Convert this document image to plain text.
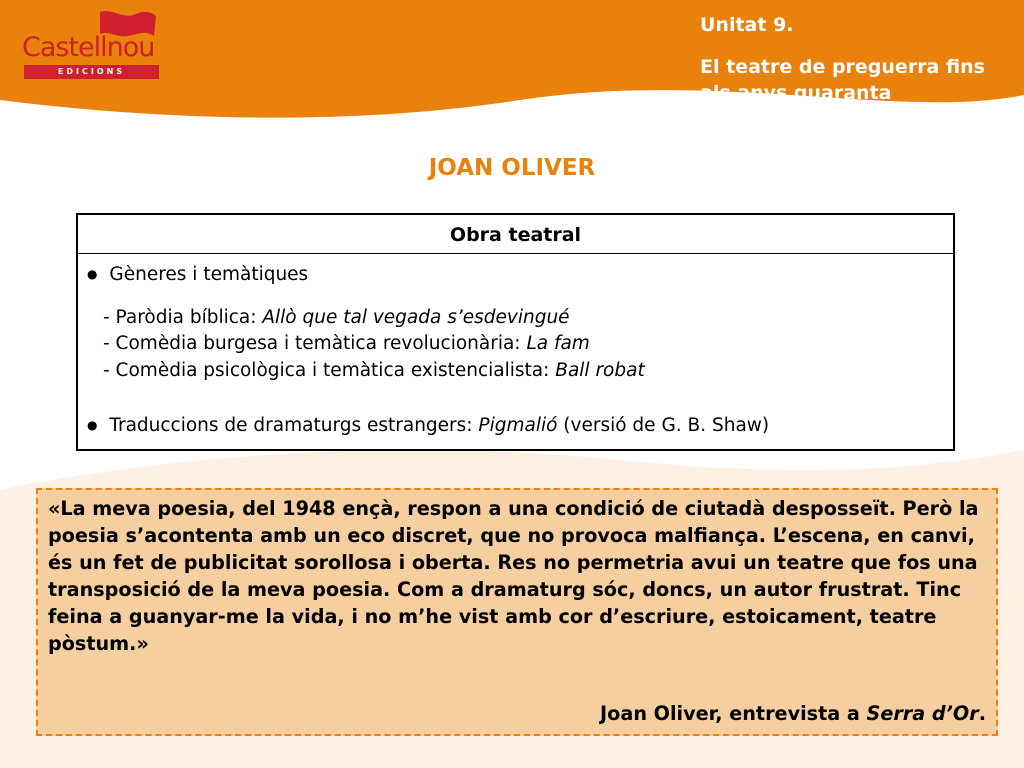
Castellnou
EDICIONS
Unitat 9.
El teatre de preguerra fins als anys quaranta
JOAN OLIVER
Obra teatral
● Gèneres i temàtiques
- Paròdia bíblica: Allò que tal vegada s’esdevingué
- Comèdia burgesa i temàtica revolucionària: La fam
- Comèdia psicològica i temàtica existencialista: Ball robat
● Traduccions de dramaturgs estrangers: Pigmalió (versió de G. B. Shaw)
«La meva poesia, del 1948 ençà, respon a una condició de ciutadà desposseït. Però la poesia s’acontenta amb un eco discret, que no provoca malfiança. L’escena, en canvi, és un fet de publicitat sorollosa i oberta. Res no permetria avui un teatre que fos una transposició de la meva poesia. Com a dramaturg sóc, doncs, un autor frustrat. Tinc feina a guanyar-me la vida, i no m’he vist amb cor d’escriure, estoicament, teatre pòstum.»
Joan Oliver, entrevista a Serra d’Or.
